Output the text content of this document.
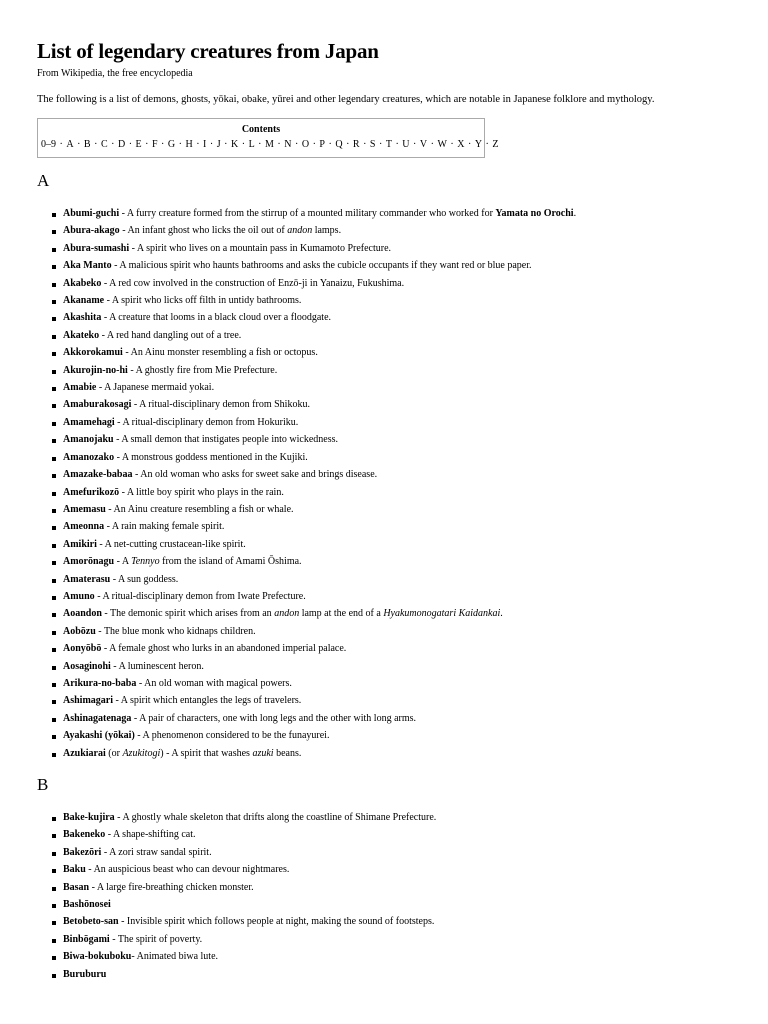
List of legendary creatures from Japan
From Wikipedia, the free encyclopedia

The following is a list of demons, ghosts, yōkai, obake, yūrei and other legendary creatures, which are notable in Japanese folklore and mythology.

Contents
0–9 · A · B · C · D · E · F · G · H · I · J · K · L · M · N · O · P · Q · R · S · T · U · V · W · X · Y · Z
A
Abumi-guchi - A furry creature formed from the stirrup of a mounted military commander who worked for Yamata no Orochi.
Abura-akago - An infant ghost who licks the oil out of andon lamps.
Abura-sumashi - A spirit who lives on a mountain pass in Kumamoto Prefecture.
Aka Manto - A malicious spirit who haunts bathrooms and asks the cubicle occupants if they want red or blue paper.
Akabeko - A red cow involved in the construction of Enzō-ji in Yanaizu, Fukushima.
Akaname - A spirit who licks off filth in untidy bathrooms.
Akashita - A creature that looms in a black cloud over a floodgate.
Akateko - A red hand dangling out of a tree.
Akkorokamui - An Ainu monster resembling a fish or octopus.
Akurojin-no-hi - A ghostly fire from Mie Prefecture.
Amabie - A Japanese mermaid yokai.
Amaburakosagi - A ritual-disciplinary demon from Shikoku.
Amamehagi - A ritual-disciplinary demon from Hokuriku.
Amanojaku - A small demon that instigates people into wickedness.
Amanozako - A monstrous goddess mentioned in the Kujiki.
Amazake-babaa - An old woman who asks for sweet sake and brings disease.
Amefurikozō - A little boy spirit who plays in the rain.
Amemasu - An Ainu creature resembling a fish or whale.
Ameonna - A rain making female spirit.
Amikiri - A net-cutting crustacean-like spirit.
Amorōnagu - A Tennyo from the island of Amami Ōshima.
Amaterasu - A sun goddess.
Amuno - A ritual-disciplinary demon from Iwate Prefecture.
Aoandon - The demonic spirit which arises from an andon lamp at the end of a Hyakumonogatari Kaidankai.
Aobōzu - The blue monk who kidnaps children.
Aonyōbō - A female ghost who lurks in an abandoned imperial palace.
Aosaginohi - A luminescent heron.
Arikura-no-baba - An old woman with magical powers.
Ashimagari - A spirit which entangles the legs of travelers.
Ashinagatenaga - A pair of characters, one with long legs and the other with long arms.
Ayakashi (yōkai) - A phenomenon considered to be the funayurei.
Azukiarai (or Azukitogi) - A spirit that washes azuki beans.
B
Bake-kujira - A ghostly whale skeleton that drifts along the coastline of Shimane Prefecture.
Bakeneko - A shape-shifting cat.
Bakezōri - A zori straw sandal spirit.
Baku - An auspicious beast who can devour nightmares.
Basan - A large fire-breathing chicken monster.
Bashōnosei
Betobeto-san - Invisible spirit which follows people at night, making the sound of footsteps.
Binbōgami - The spirit of poverty.
Biwa-bokuboku- Animated biwa lute.
Buruburu
